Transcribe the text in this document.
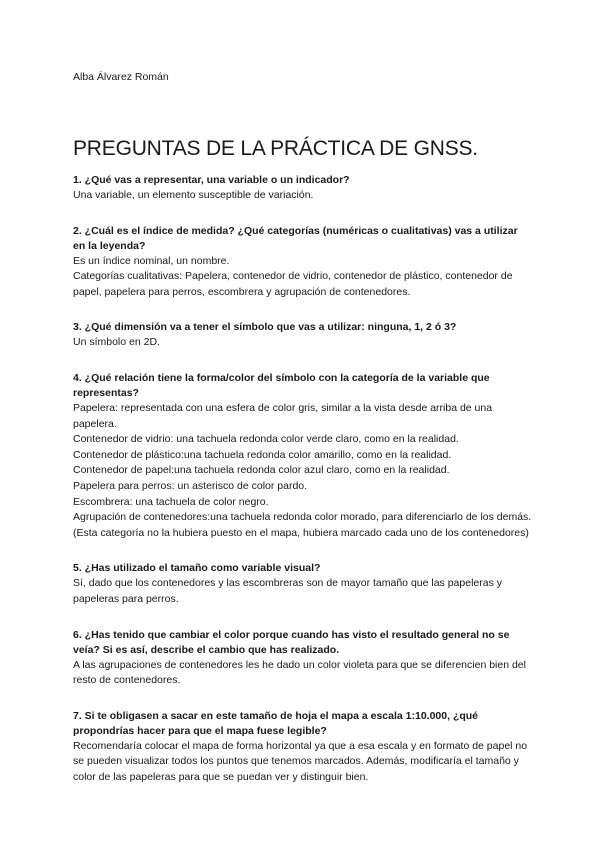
Alba Álvarez Román

PREGUNTAS DE LA PRÁCTICA DE GNSS.

1. ¿Qué vas a representar, una variable o un indicador?

Una variable, un elemento susceptible de variación.

2. ¿Cuál es el índice de medida? ¿Qué categorías (numéricas o cualitativas) vas a utilizar en la leyenda?

Es un índice nominal, un nombre.

Categorías cualitativas: Papelera, contenedor de vidrio, contenedor de plástico, contenedor de papel, papelera para perros, escombrera y agrupación de contenedores.

3. ¿Qué dimensión va a tener el símbolo que vas a utilizar: ninguna, 1, 2 ó 3?

Un símbolo en 2D.

4. ¿Qué relación tiene la forma/color del símbolo con la categoría de la variable que representas?

Papelera: representada con una esfera de color gris, similar a la vista desde arriba de una papelera.

Contenedor de vidrio: una tachuela redonda color verde claro, como en la realidad.

Contenedor de plástico:una tachuela redonda color amarillo, como en la realidad.

Contenedor de papel:una tachuela redonda color azul claro, como en la realidad.

Papelera para perros: un asterisco de color pardo.

Escombrera: una tachuela de color negro.

Agrupación de contenedores:una tachuela redonda color morado, para diferenciarlo de los demás. (Esta categoría no la hubiera puesto en el mapa, hubiera marcado cada uno de los contenedores)

5. ¿Has utilizado el tamaño como variable visual?

Sí, dado que los contenedores y las escombreras son de mayor tamaño que las papeleras y papeleras para perros.

6. ¿Has tenido que cambiar el color porque cuando has visto el resultado general no se veía? Si es así, describe el cambio que has realizado.

A las agrupaciones de contenedores les he dado un color violeta para que se diferencien bien del resto de contenedores.

7. Si te obligasen a sacar en este tamaño de hoja el mapa a escala 1:10.000, ¿qué propondrías hacer para que el mapa fuese legible?

Recomendaría colocar el mapa de forma horizontal ya que a esa escala y en formato de papel no se pueden visualizar todos los puntos que tenemos marcados. Además, modificaría el tamaño y color de las papeleras para que se puedan ver y distinguir bien.
